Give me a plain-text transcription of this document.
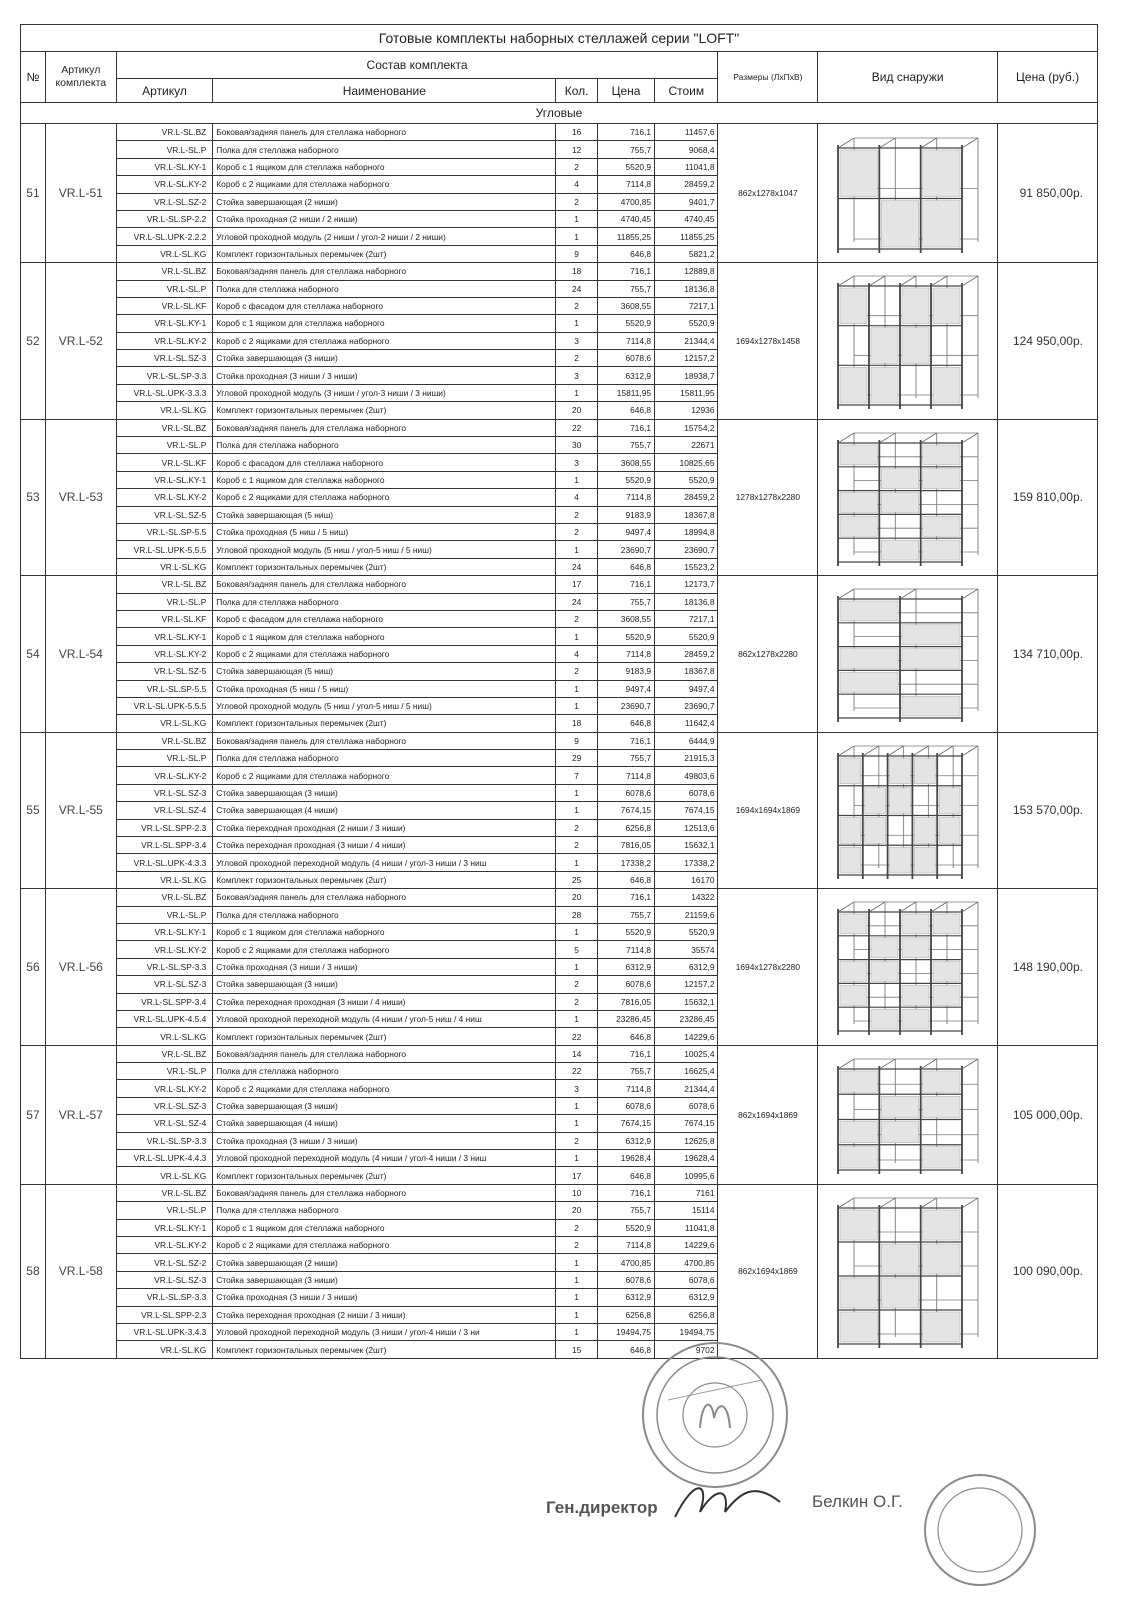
Готовые комплекты наборных стеллажей серии "LOFT"									
№	Артикул комплекта	Состав комплекта					Размеры (ЛхПхВ)	Вид снаружи	Цена (руб.)
		Артикул	Наименование	Кол.	Цена	Стоим			
Угловые									
51	VR.L-51	VR.L-SL.BZ	Боковая/задняя панель для стеллажа наборного	16	716,1	11457,6	862x1278x1047		91 850,00р.
		VR.L-SL.P	Полка для стеллажа наборного	12	755,7	9068,4			
		VR.L-SL.KY-1	Короб с 1 ящиком для стеллажа наборного	2	5520,9	11041,8			
		VR.L-SL.KY-2	Короб с 2 ящиками для стеллажа наборного	4	7114,8	28459,2			
		VR.L-SL.SZ-2	Стойка завершающая (2 ниши)	2	4700,85	9401,7			
		VR.L-SL.SP-2.2	Стойка проходная (2 ниши / 2 ниши)	1	4740,45	4740,45			
		VR.L-SL.UPK-2.2.2	Угловой проходной модуль (2 ниши / угол-2 ниши / 2 ниши)	1	11855,25	11855,25			
		VR.L-SL.KG	Комплект горизонтальных перемычек (2шт)	9	646,8	5821,2			
52	VR.L-52	VR.L-SL.BZ	Боковая/задняя панель для стеллажа наборного	18	716,1	12889,8	1694x1278x1458		124 950,00р.
		VR.L-SL.P	Полка для стеллажа наборного	24	755,7	18136,8			
		VR.L-SL.KF	Короб с фасадом для стеллажа наборного	2	3608,55	7217,1			
		VR.L-SL.KY-1	Короб с 1 ящиком для стеллажа наборного	1	5520,9	5520,9			
		VR.L-SL.KY-2	Короб с 2 ящиками для стеллажа наборного	3	7114,8	21344,4			
		VR.L-SL.SZ-3	Стойка завершающая (3 ниши)	2	6078,6	12157,2			
		VR.L-SL.SP-3.3	Стойка проходная (3 ниши / 3 ниши)	3	6312,9	18938,7			
		VR.L-SL.UPK-3.3.3	Угловой проходной модуль (3 ниши / угол-3 ниши / 3 ниши)	1	15811,95	15811,95			
		VR.L-SL.KG	Комплект горизонтальных перемычек (2шт)	20	646,8	12936			
53	VR.L-53	VR.L-SL.BZ	Боковая/задняя панель для стеллажа наборного	22	716,1	15754,2	1278x1278x2280		159 810,00р.
		VR.L-SL.P	Полка для стеллажа наборного	30	755,7	22671			
		VR.L-SL.KF	Короб с фасадом для стеллажа наборного	3	3608,55	10825,65			
		VR.L-SL.KY-1	Короб с 1 ящиком для стеллажа наборного	1	5520,9	5520,9			
		VR.L-SL.KY-2	Короб с 2 ящиками для стеллажа наборного	4	7114,8	28459,2			
		VR.L-SL.SZ-5	Стойка завершающая (5 ниш)	2	9183,9	18367,8			
		VR.L-SL.SP-5.5	Стойка проходная (5 ниш / 5 ниш)	2	9497,4	18994,8			
		VR.L-SL.UPK-5.5.5	Угловой проходной модуль (5 ниш / угол-5 ниш / 5 ниш)	1	23690,7	23690,7			
		VR.L-SL.KG	Комплект горизонтальных перемычек (2шт)	24	646,8	15523,2			
54	VR.L-54	VR.L-SL.BZ	Боковая/задняя панель для стеллажа наборного	17	716,1	12173,7	862x1278x2280		134 710,00р.
		VR.L-SL.P	Полка для стеллажа наборного	24	755,7	18136,8			
		VR.L-SL.KF	Короб с фасадом для стеллажа наборного	2	3608,55	7217,1			
		VR.L-SL.KY-1	Короб с 1 ящиком для стеллажа наборного	1	5520,9	5520,9			
		VR.L-SL.KY-2	Короб с 2 ящиками для стеллажа наборного	4	7114,8	28459,2			
		VR.L-SL.SZ-5	Стойка завершающая (5 ниш)	2	9183,9	18367,8			
		VR.L-SL.SP-5.5	Стойка проходная (5 ниш / 5 ниш)	1	9497,4	9497,4			
		VR.L-SL.UPK-5.5.5	Угловой проходной модуль (5 ниш / угол-5 ниш / 5 ниш)	1	23690,7	23690,7			
		VR.L-SL.KG	Комплект горизонтальных перемычек (2шт)	18	646,8	11642,4			
55	VR.L-55	VR.L-SL.BZ	Боковая/задняя панель для стеллажа наборного	9	716,1	6444,9	1694x1694x1869		153 570,00р.
		VR.L-SL.P	Полка для стеллажа наборного	29	755,7	21915,3			
		VR.L-SL.KY-2	Короб с 2 ящиками для стеллажа наборного	7	7114,8	49803,6			
		VR.L-SL.SZ-3	Стойка завершающая (3 ниши)	1	6078,6	6078,6			
		VR.L-SL.SZ-4	Стойка завершающая (4 ниши)	1	7674,15	7674,15			
		VR.L-SL.SPP-2.3	Стойка переходная проходная (2 ниши / 3 ниши)	2	6256,8	12513,6			
		VR.L-SL.SPP-3.4	Стойка переходная проходная (3 ниши / 4 ниши)	2	7816,05	15632,1			
		VR.L-SL.UPK-4.3.3	Угловой проходной переходной модуль (4 ниши / угол-3 ниши / 3 ниш	1	17338,2	17338,2			
		VR.L-SL.KG	Комплект горизонтальных перемычек (2шт)	25	646,8	16170			
56	VR.L-56	VR.L-SL.BZ	Боковая/задняя панель для стеллажа наборного	20	716,1	14322	1694x1278x2280		148 190,00р.
		VR.L-SL.P	Полка для стеллажа наборного	28	755,7	21159,6			
		VR.L-SL.KY-1	Короб с 1 ящиком для стеллажа наборного	1	5520,9	5520,9			
		VR.L-SL.KY-2	Короб с 2 ящиками для стеллажа наборного	5	7114,8	35574			
		VR.L-SL.SP-3.3	Стойка проходная (3 ниши / 3 ниши)	1	6312,9	6312,9			
		VR.L-SL.SZ-3	Стойка завершающая (3 ниши)	2	6078,6	12157,2			
		VR.L-SL.SPP-3.4	Стойка переходная проходная (3 ниши / 4 ниши)	2	7816,05	15632,1			
		VR.L-SL.UPK-4.5.4	Угловой проходной переходной модуль (4 ниши / угол-5 ниш / 4 ниш	1	23286,45	23286,45			
		VR.L-SL.KG	Комплект горизонтальных перемычек (2шт)	22	646,8	14229,6			
57	VR.L-57	VR.L-SL.BZ	Боковая/задняя панель для стеллажа наборного	14	716,1	10025,4	862x1694x1869		105 000,00р.
		VR.L-SL.P	Полка для стеллажа наборного	22	755,7	16625,4			
		VR.L-SL.KY-2	Короб с 2 ящиками для стеллажа наборного	3	7114,8	21344,4			
		VR.L-SL.SZ-3	Стойка завершающая (3 ниши)	1	6078,6	6078,6			
		VR.L-SL.SZ-4	Стойка завершающая (4 ниши)	1	7674,15	7674,15			
		VR.L-SL.SP-3.3	Стойка проходная (3 ниши / 3 ниши)	2	6312,9	12625,8			
		VR.L-SL.UPK-4.4.3	Угловой проходной переходной модуль (4 ниши / угол-4 ниши / 3 ниш	1	19628,4	19628,4			
		VR.L-SL.KG	Комплект горизонтальных перемычек (2шт)	17	646,8	10995,6			
58	VR.L-58	VR.L-SL.BZ	Боковая/задняя панель для стеллажа наборного	10	716,1	7161	862x1694x1869		100 090,00р.
		VR.L-SL.P	Полка для стеллажа наборного	20	755,7	15114			
		VR.L-SL.KY-1	Короб с 1 ящиком для стеллажа наборного	2	5520,9	11041,8			
		VR.L-SL.KY-2	Короб с 2 ящиками для стеллажа наборного	2	7114,8	14229,6			
		VR.L-SL.SZ-2	Стойка завершающая (2 ниши)	1	4700,85	4700,85			
		VR.L-SL.SZ-3	Стойка завершающая (3 ниши)	1	6078,6	6078,6			
		VR.L-SL.SP-3.3	Стойка проходная (3 ниши / 3 ниши)	1	6312,9	6312,9			
		VR.L-SL.SPP-2.3	Стойка переходная проходная (2 ниши / 3 ниши)	1	6256,8	6256,8			
		VR.L-SL.UPK-3.4.3	Угловой проходной переходной модуль (3 ниши / угол-4 ниши / 3 ни	1	19494,75	19494,75			
		VR.L-SL.KG	Комплект горизонтальных перемычек (2шт)	15	646,8	9702			
Ген.директор	Белкин О.Г.
